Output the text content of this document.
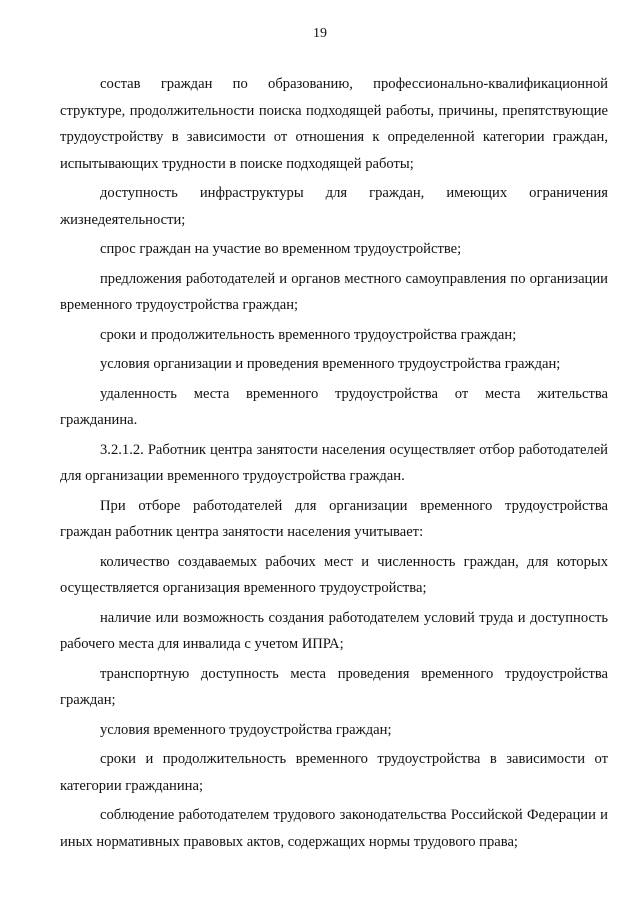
19

состав граждан по образованию, профессионально-квалификационной структуре, продолжительности поиска подходящей работы, причины, препятствующие трудоустройству в зависимости от отношения к определенной категории граждан, испытывающих трудности в поиске подходящей работы;

доступность инфраструктуры для граждан, имеющих ограничения жизнедеятельности;

спрос граждан на участие во временном трудоустройстве;

предложения работодателей и органов местного самоуправления по организации временного трудоустройства граждан;

сроки и продолжительность временного трудоустройства граждан;

условия организации и проведения временного трудоустройства граждан;

удаленность места временного трудоустройства от места жительства гражданина.

3.2.1.2. Работник центра занятости населения осуществляет отбор работодателей для организации временного трудоустройства граждан.

При отборе работодателей для организации временного трудоустройства граждан работник центра занятости населения учитывает:

количество создаваемых рабочих мест и численность граждан, для которых осуществляется организация временного трудоустройства;

наличие или возможность создания работодателем условий труда и доступность рабочего места для инвалида с учетом ИПРА;

транспортную доступность места проведения временного трудоустройства граждан;

условия временного трудоустройства граждан;

сроки и продолжительность временного трудоустройства в зависимости от категории гражданина;

соблюдение работодателем трудового законодательства Российской Федерации и иных нормативных правовых актов, содержащих нормы трудового права;
